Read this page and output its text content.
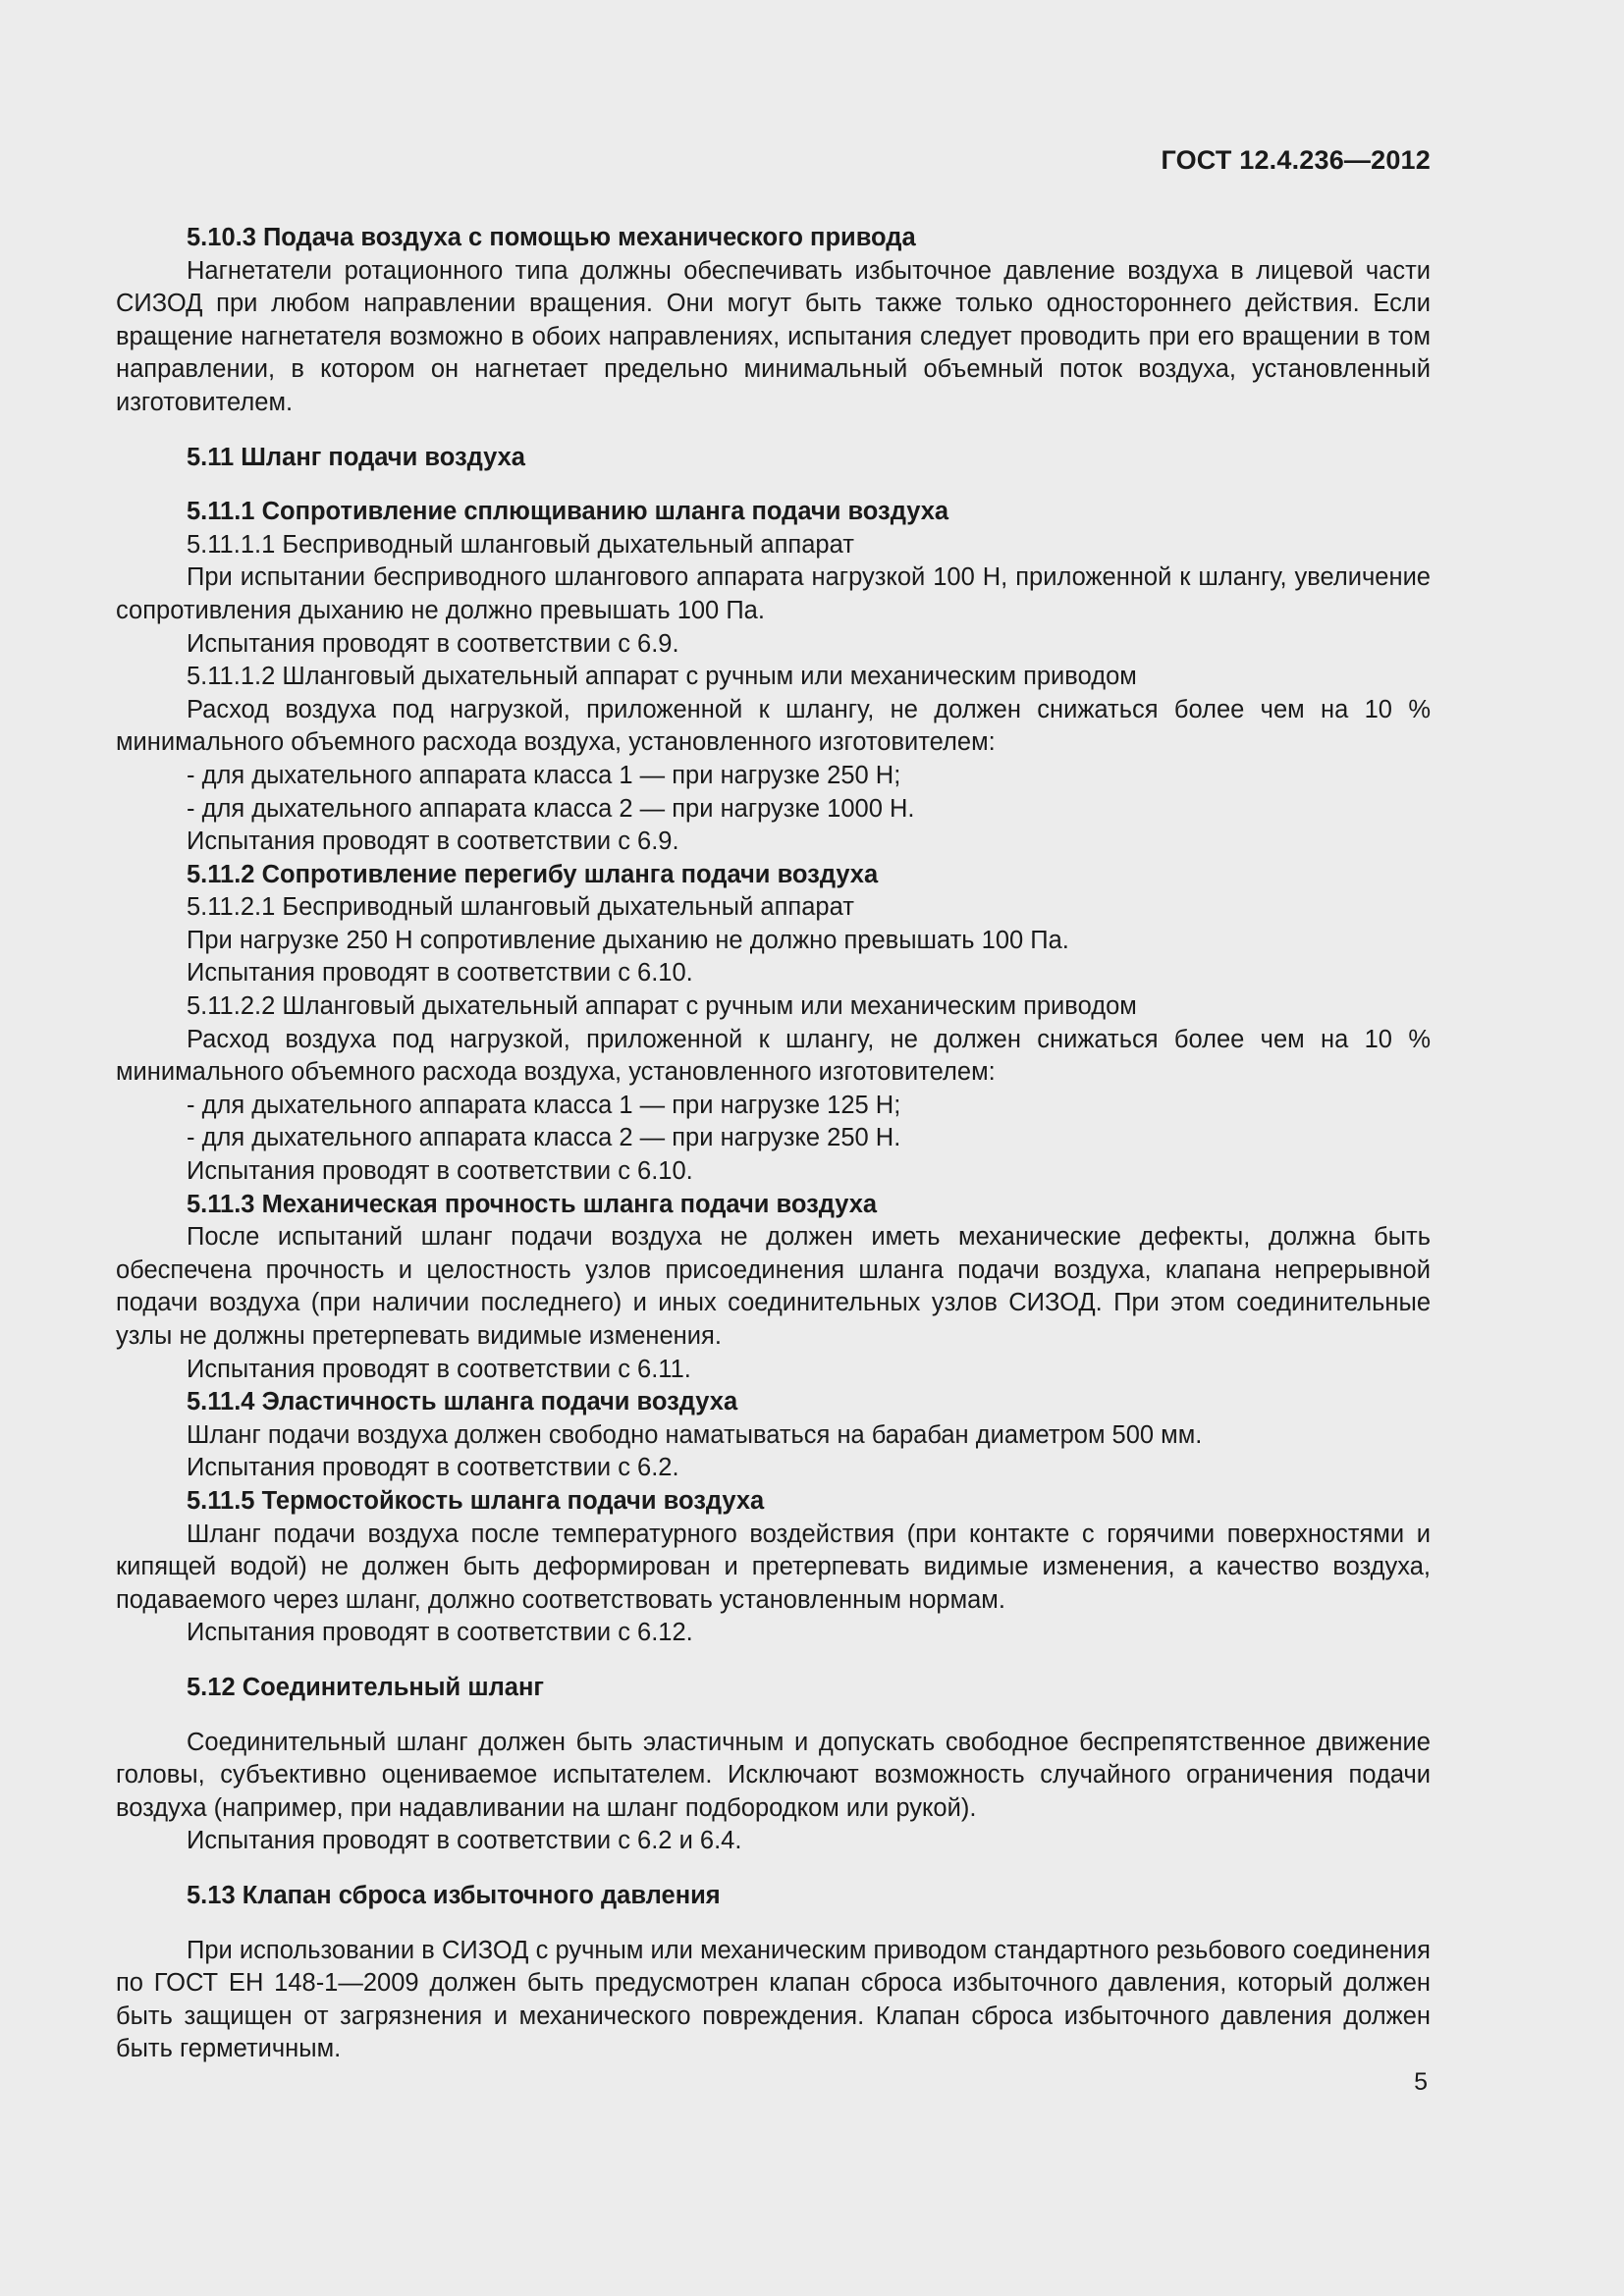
ГОСТ 12.4.236—2012

5.10.3 Подача воздуха с помощью механического привода

Нагнетатели ротационного типа должны обеспечивать избыточное давление воздуха в лицевой части СИЗОД при любом направлении вращения. Они могут быть также только одностороннего действия. Если вращение нагнетателя возможно в обоих направлениях, испытания следует проводить при его вращении в том направлении, в котором он нагнетает предельно минимальный объемный поток воздуха, установленный изготовителем.

5.11 Шланг подачи воздуха

5.11.1 Сопротивление сплющиванию шланга подачи воздуха

5.11.1.1 Бесприводный шланговый дыхательный аппарат

При испытании бесприводного шлангового аппарата нагрузкой 100 Н, приложенной к шлангу, увеличение сопротивления дыханию не должно превышать 100 Па.

Испытания проводят в соответствии с 6.9.

5.11.1.2 Шланговый дыхательный аппарат с ручным или механическим приводом

Расход воздуха под нагрузкой, приложенной к шлангу, не должен снижаться более чем на 10 % минимального объемного расхода воздуха, установленного изготовителем:

- для дыхательного аппарата класса 1 — при нагрузке 250 Н;

- для дыхательного аппарата класса 2 — при нагрузке 1000 Н.

Испытания проводят в соответствии с 6.9.

5.11.2 Сопротивление перегибу шланга подачи воздуха

5.11.2.1 Бесприводный шланговый дыхательный аппарат

При нагрузке 250 Н сопротивление дыханию не должно превышать 100 Па.

Испытания проводят в соответствии с 6.10.

5.11.2.2 Шланговый дыхательный аппарат с ручным или механическим приводом

Расход воздуха под нагрузкой, приложенной к шлангу, не должен снижаться более чем на 10 % минимального объемного расхода воздуха, установленного изготовителем:

- для дыхательного аппарата класса 1 — при нагрузке 125 Н;

- для дыхательного аппарата класса 2 — при нагрузке 250 Н.

Испытания проводят в соответствии с 6.10.

5.11.3 Механическая прочность шланга подачи воздуха

После испытаний шланг подачи воздуха не должен иметь механические дефекты, должна быть обеспечена прочность и целостность узлов присоединения шланга подачи воздуха, клапана непрерывной подачи воздуха (при наличии последнего) и иных соединительных узлов СИЗОД. При этом соединительные узлы не должны претерпевать видимые изменения.

Испытания проводят в соответствии с 6.11.

5.11.4 Эластичность шланга подачи воздуха

Шланг подачи воздуха должен свободно наматываться на барабан диаметром 500 мм.

Испытания проводят в соответствии с 6.2.

5.11.5 Термостойкость шланга подачи воздуха

Шланг подачи воздуха после температурного воздействия (при контакте с горячими поверхностями и кипящей водой) не должен быть деформирован и претерпевать видимые изменения, а качество воздуха, подаваемого через шланг, должно соответствовать установленным нормам.

Испытания проводят в соответствии с 6.12.

5.12 Соединительный шланг

Соединительный шланг должен быть эластичным и допускать свободное беспрепятственное движение головы, субъективно оцениваемое испытателем. Исключают возможность случайного ограничения подачи воздуха (например, при надавливании на шланг подбородком или рукой).

Испытания проводят в соответствии с 6.2 и 6.4.

5.13 Клапан сброса избыточного давления

При использовании в СИЗОД с ручным или механическим приводом стандартного резьбового соединения по ГОСТ ЕН 148-1—2009 должен быть предусмотрен клапан сброса избыточного давления, который должен быть защищен от загрязнения и механического повреждения. Клапан сброса избыточного давления должен быть герметичным.

5
